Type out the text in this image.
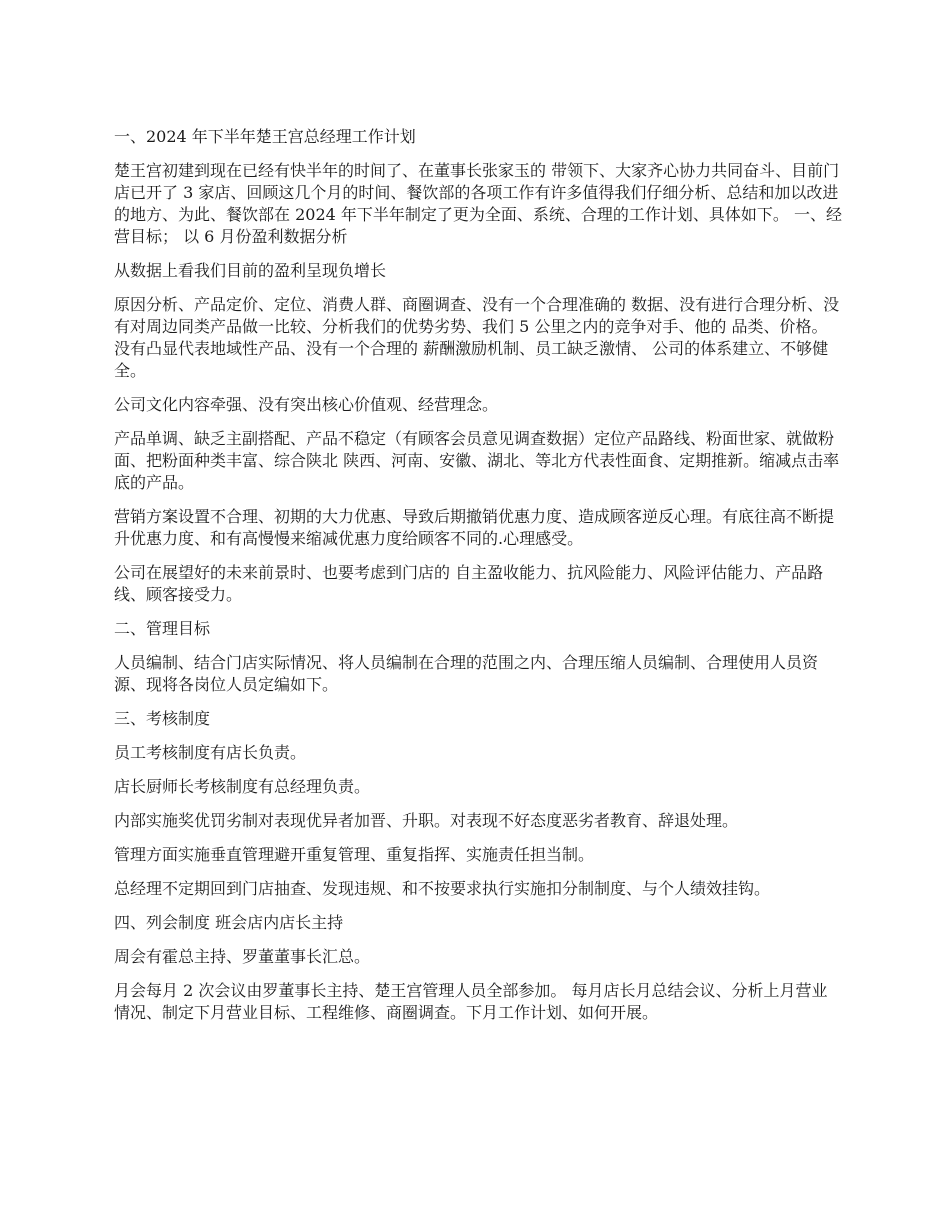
一、2024 年下半年楚王宫总经理工作计划

楚王宫初建到现在已经有快半年的时间了、在董事长张家玉的 带领下、大家齐心协力共同奋斗、目前门店已开了 3 家店、回顾这几个月的时间、餐饮部的各项工作有许多值得我们仔细分析、总结和加以改进的地方、为此、餐饮部在 2024 年下半年制定了更为全面、系统、合理的工作计划、具体如下。 一、经营目标； 以 6 月份盈利数据分析

从数据上看我们目前的盈利呈现负增长

原因分析、产品定价、定位、消费人群、商圈调查、没有一个合理准确的 数据、没有进行合理分析、没有对周边同类产品做一比较、分析我们的优势劣势、我们 5 公里之内的竞争对手、他的 品类、价格。 没有凸显代表地域性产品、没有一个合理的 薪酬激励机制、员工缺乏激情、 公司的体系建立、不够健全。

公司文化内容牵强、没有突出核心价值观、经营理念。

产品单调、缺乏主副搭配、产品不稳定（有顾客会员意见调查数据）定位产品路线、粉面世家、就做粉面、把粉面种类丰富、综合陕北 陕西、河南、安徽、湖北、等北方代表性面食、定期推新。缩减点击率底的产品。

营销方案设置不合理、初期的大力优惠、导致后期撤销优惠力度、造成顾客逆反心理。有底往高不断提升优惠力度、和有高慢慢来缩减优惠力度给顾客不同的.心理感受。

公司在展望好的未来前景时、也要考虑到门店的 自主盈收能力、抗风险能力、风险评估能力、产品路线、顾客接受力。

二、管理目标

人员编制、结合门店实际情况、将人员编制在合理的范围之内、合理压缩人员编制、合理使用人员资源、现将各岗位人员定编如下。

三、考核制度

员工考核制度有店长负责。

店长厨师长考核制度有总经理负责。

内部实施奖优罚劣制对表现优异者加晋、升职。对表现不好态度恶劣者教育、辞退处理。

管理方面实施垂直管理避开重复管理、重复指挥、实施责任担当制。

总经理不定期回到门店抽查、发现违规、和不按要求执行实施扣分制制度、与个人绩效挂钩。

四、列会制度 班会店内店长主持

周会有霍总主持、罗董董事长汇总。

月会每月 2 次会议由罗董事长主持、楚王宫管理人员全部参加。 每月店长月总结会议、分析上月营业情况、制定下月营业目标、工程维修、商圈调查。下月工作计划、如何开展。
